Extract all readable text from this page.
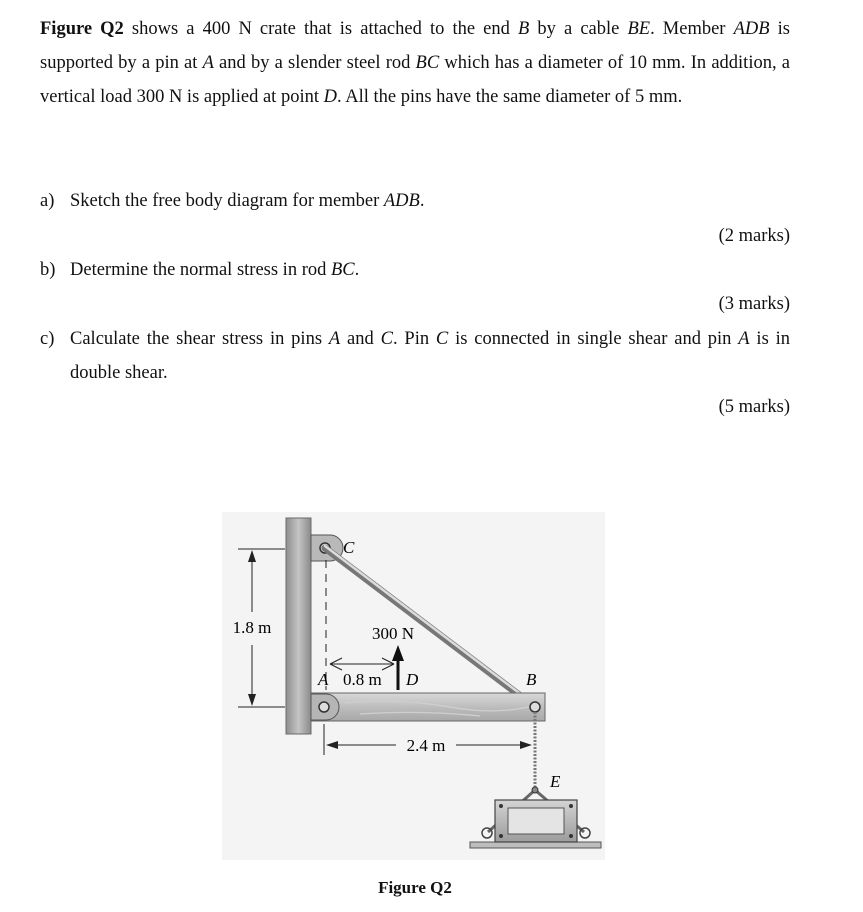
Figure Q2 shows a 400 N crate that is attached to the end B by a cable BE. Member ADB is supported by a pin at A and by a slender steel rod BC which has a diameter of 10 mm. In addition, a vertical load 300 N is applied at point D. All the pins have the same diameter of 5 mm.
a) Sketch the free body diagram for member ADB.
(2 marks)
b) Determine the normal stress in rod BC.
(3 marks)
c) Calculate the shear stress in pins A and C. Pin C is connected in single shear and pin A is in double shear.
(5 marks)
1.8 m	300 N
A 0.8 m D
C
B
E
2.4 m
Figure Q2
